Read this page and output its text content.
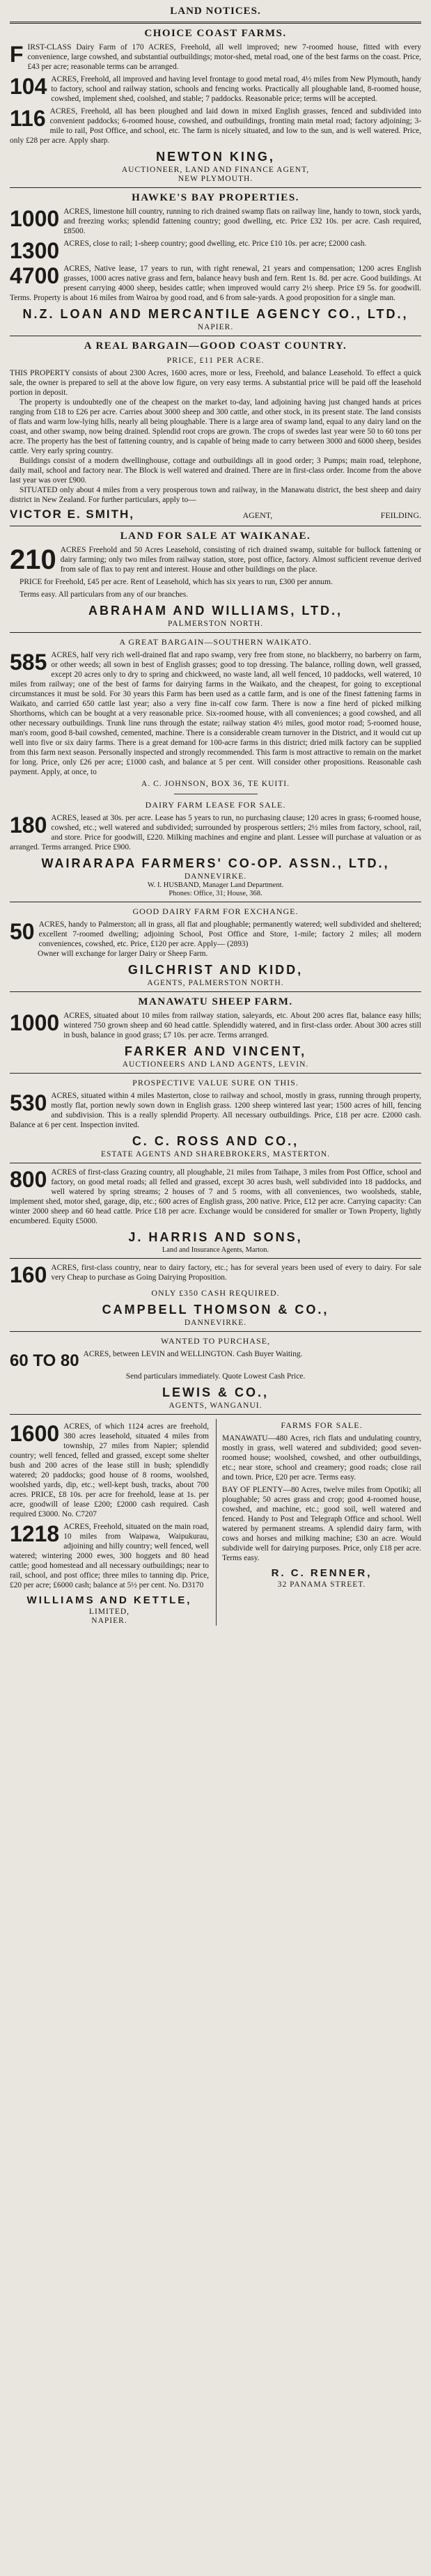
LAND NOTICES.
CHOICE COAST FARMS.
F IRST-CLASS Dairy Farm of 170 ACRES, Freehold, all well improved; new 7-roomed house, fitted with every convenience, large cowshed, and substantial outbuildings; motor-shed, metal road, one of the best farms on the coast. Price, £43 per acre; reasonable terms can be arranged.

104 ACRES, Freehold, all improved and having level frontage to good metal road, 4½ miles from New Plymouth, handy to factory, school and railway station, schools and fencing works. Practically all ploughable land, 8-roomed house, cowshed, implement shed, coolshed, and stable; 7 paddocks. Reasonable price; terms will be accepted.

116 ACRES, Freehold, all has been ploughed and laid down in mixed English grasses, fenced and subdivided into convenient paddocks; 6-roomed house, cowshed, and outbuildings, fronting main metal road; factory adjoining; 3-mile to rail, Post Office, and school, etc. The farm is nicely situated, and low to the sun, and is well watered. Price, only £28 per acre. Apply sharp.

NEWTON KING,
AUCTIONEER, LAND AND FINANCE AGENT,
NEW PLYMOUTH.
HAWKE'S BAY PROPERTIES.
1000 ACRES, limestone hill country, running to rich drained swamp flats on railway line, handy to town, stock yards, and freezing works; splendid fattening country; good dwelling, etc. Price £32 10s. per acre. Cash required, £8500.

1300 ACRES, close to rail; 1-sheep country; good dwelling, etc. Price £10 10s. per acre; £2000 cash.

4700 ACRES, Native lease, 17 years to run, with right renewal, 21 years and compensation; 1200 acres English grasses, 1000 acres native grass and fern, balance heavy bush and fern. Rent 1s. 8d. per acre. Good buildings. At present carrying 4000 sheep, besides cattle; when improved would carry 2½ sheep. Price £9 5s. for goodwill. Terms. Property is about 16 miles from Wairoa by good road, and 6 from sale-yards. A good proposition for a single man.

N.Z. LOAN AND MERCANTILE AGENCY CO., LTD.,
NAPIER.
A REAL BARGAIN—GOOD COAST COUNTRY.
PRICE, £11 PER ACRE.

THIS PROPERTY consists of about 2300 Acres, 1600 acres, more or less, Freehold, and balance Leasehold. To effect a quick sale, the owner is prepared to sell at the above low figure, on very easy terms. A substantial price will be paid off the leasehold portion in deposit.

The property is undoubtedly one of the cheapest on the market to-day, land adjoining having just changed hands at prices ranging from £18 to £26 per acre. Carries about 3000 sheep and 300 cattle, and other stock, in its present state. The land consists of flats and warm low-lying hills, nearly all being ploughable. There is a large area of swamp land, equal to any dairy land on the coast, and other swamp, now being drained. Splendid root crops are grown. The crops of swedes last year were 50 to 60 tons per acre. The property has the best of fattening country, and is capable of being made to carry between 3000 and 6000 sheep, besides cattle. Very early spring country.

Buildings consist of a modern dwellinghouse, cottage and outbuildings all in good order; 3 Pumps; main road, telephone, daily mail, school and factory near. The Block is well watered and drained. There are in first-class order. Income from the above last year was over £900.

SITUATED only about 4 miles from a very prosperous town and railway, in the Manawatu district, the best sheep and dairy district in New Zealand. For further particulars, apply to—

VICTOR E. SMITH,	AGENT,	FEILDING.
LAND FOR SALE AT WAIKANAE.
210 ACRES Freehold and 50 Acres Leasehold, consisting of rich drained swamp, suitable for bullock fattening or dairy farming; only two miles from railway station, store, post office, factory. Almost sufficient revenue derived from sale of flax to pay rent and interest. House and other buildings on the place.

PRICE for Freehold, £45 per acre. Rent of Leasehold, which has six years to run, £300 per annum.

Terms easy. All particulars from any of our branches.

ABRAHAM AND WILLIAMS, LTD.,
PALMERSTON NORTH.
A GREAT BARGAIN—SOUTHERN WAIKATO.
585 ACRES, half very rich well-drained flat and rapo swamp, very free from stone, no blackberry, no barberry on farm, or other weeds; all sown in best of English grasses; good to top dressing. The balance, rolling down, well grassed, except 20 acres only to dry to spring and chickweed, no waste land, all well fenced, 10 paddocks, well watered, 10 miles from railway; one of the best of farms for dairying farms in the Waikato, and the cheapest, for going to exceptional circumstances it must be sold. For 30 years this Farm has been used as a cattle farm, and is one of the finest fattening farms in Waikato, and carried 650 cattle last year; also a very fine in-calf cow farm. There is now a fine herd of picked milking Shorthorns, which can be bought at a very reasonable price. Six-roomed house, with all conveniences; a good cowshed, and all other necessary outbuildings. Trunk line runs through the estate; railway station 4½ miles, good motor road; 5-roomed house, man's room, good 8-bail cowshed, cemented, machine. There is a considerable cream turnover in the District, and it would cut up well into five or six dairy farms. There is a great demand for 100-acre farms in this district; dried milk factory can be supplied from this farm next season. Personally inspected and strongly recommended. This farm is most attractive to remain on the market for long. Price, only £26 per acre; £1000 cash, and balance at 5 per cent. Will consider other propositions. Reasonable cash payment. Apply, at once, to

A. C. JOHNSON, BOX 36, TE KUITI.
DAIRY FARM LEASE FOR SALE.
180 ACRES, leased at 30s. per acre. Lease has 5 years to run, no purchasing clause; 120 acres in grass; 6-roomed house, cowshed, etc.; well watered and subdivided; surrounded by prosperous settlers; 2½ miles from factory, school, rail, and store. Price for goodwill, £220. Milking machines and engine and plant. Lessee will purchase at valuation or as arranged. Terms arranged. Price £900.

WAIRARAPA FARMERS' CO-OP. ASSN., LTD.,
DANNEVIRKE.
W. I. HUSBAND, Manager Land Department.
Phones: Office, 31; House, 368.
GOOD DAIRY FARM FOR EXCHANGE.
50 ACRES, handy to Palmerston; all in grass, all flat and ploughable; permanently watered; well subdivided and sheltered; excellent 7-roomed dwelling; adjoining School, Post Office and Store, 1-mile; factory 2 miles; all modern conveniences, cowshed, etc. Price, £120 per acre. Apply— (2893)

Owner will exchange for larger Dairy or Sheep Farm.

GILCHRIST AND KIDD,
AGENTS, PALMERSTON NORTH.
MANAWATU SHEEP FARM.
1000 ACRES, situated about 10 miles from railway station, saleyards, etc. About 200 acres flat, balance easy hills; wintered 750 grown sheep and 60 head cattle. Splendidly watered, and in first-class order. About 300 acres still in bush, balance in good grass; £7 10s. per acre. Terms arranged.

FARKER AND VINCENT,
AUCTIONEERS AND LAND AGENTS, LEVIN.
PROSPECTIVE VALUE SURE ON THIS.
530 ACRES, situated within 4 miles Masterton, close to railway and school, mostly in grass, running through property, mostly flat, portion newly sown down in English grass. 1200 sheep wintered last year; 1500 acres of hill, fencing and subdivision. This is a really splendid Property. All necessary outbuildings. Price, £18 per acre. £2000 cash. Balance at 6 per cent. Inspection invited.

C. C. ROSS AND CO.,
ESTATE AGENTS AND SHAREBROKERS, MASTERTON.
800 ACRES of first-class Grazing country, all ploughable, 21 miles from Taihape, 3 miles from Post Office, school and factory, on good metal roads; all felled and grassed, except 30 acres bush, well subdivided into 18 paddocks, and well watered by spring streams; 2 houses of 7 and 5 rooms, with all conveniences, two woolsheds, stable, implement shed, motor shed, garage, dip, etc.; 600 acres of English grass, 200 native. Price, £12 per acre. Carrying capacity: Can winter 2000 sheep and 60 head cattle. Price £18 per acre. Exchange would be considered for smaller or Town Property, lightly encumbered. Equity £5000.

J. HARRIS AND SONS,
Land and Insurance Agents, Marton.
160 ACRES, first-class country, near to dairy factory, etc.; has for several years been used of every to dairy. For sale very Cheap to purchase as Going Dairying Proposition.

ONLY £350 CASH REQUIRED.
CAMPBELL THOMSON & CO.,
DANNEVIRKE.
WANTED TO PURCHASE,
60 TO 80 ACRES, between LEVIN and WELLINGTON. Cash Buyer Waiting.

Send particulars immediately. Quote Lowest Cash Price.

LEWIS & CO.,
AGENTS, WANGANUI.
1600 ACRES, of which 1124 acres are freehold, 380 acres leasehold, situated 4 miles from township, 27 miles from Napier; splendid country; well fenced, felled and grassed, except some shelter bush and 200 acres of the lease still in bush; splendidly watered; 20 paddocks; good house of 8 rooms, woolshed, woolshed yards, dip, etc.; well-kept bush, tracks, about 700 acres. PRICE, £8 10s. per acre for freehold, lease at 1s. per acre, goodwill of lease £200; £2000 cash required. Cash required £3000. No. C7207

1218 ACRES, Freehold, situated on the main road, 10 miles from Waipawa, Waipukurau, adjoining and hilly country; well fenced, well watered; wintering 2000 ewes, 300 hoggets and 80 head cattle; good homestead and all necessary outbuildings; near to rail, school, and post office; three miles to tanning dip. Price, £20 per acre; £6000 cash; balance at 5½ per cent. No. D3170

WILLIAMS AND KETTLE,
LIMITED,
NAPIER.
FARMS FOR SALE.

MANAWATU—480 Acres, rich flats and undulating country, mostly in grass, well watered and subdivided; good seven-roomed house; woolshed, cowshed, and other outbuildings, etc.; near store, school and creamery; good roads; close rail and town. Price, £20 per acre. Terms easy.

BAY OF PLENTY—80 Acres, twelve miles from Opotiki; all ploughable; 50 acres grass and crop; good 4-roomed house, cowshed, and machine, etc.; good soil, well watered and fenced. Handy to Post and Telegraph Office and school. Well watered by permanent streams. A splendid dairy farm, with cows and horses and milking machine; £30 an acre. Would subdivide well for dairying purposes. Price, only £18 per acre. Terms easy.

R. C. RENNER,
32 PANAMA STREET.
